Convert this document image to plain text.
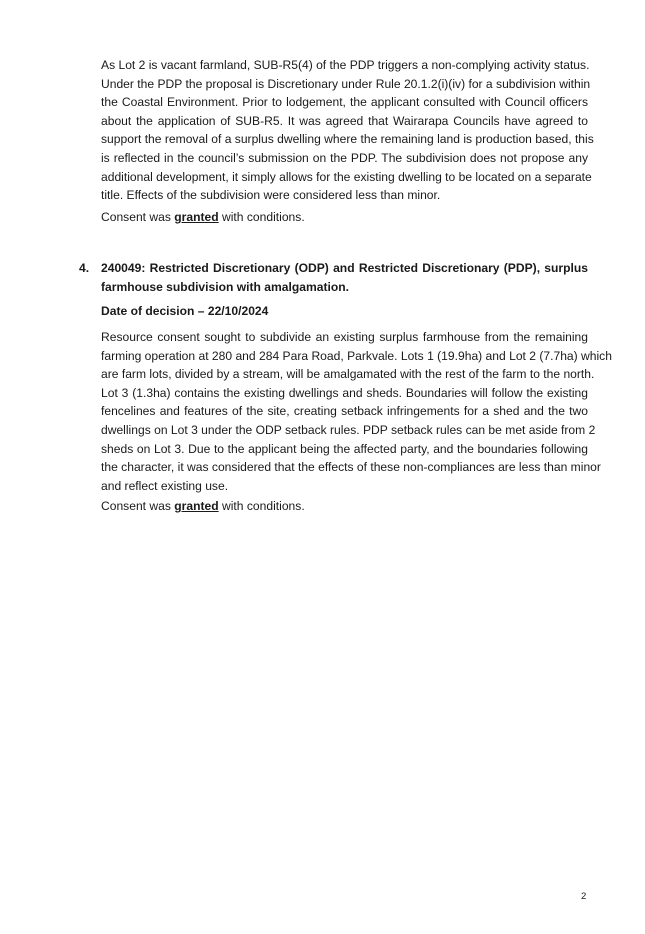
As Lot 2 is vacant farmland, SUB-R5(4) of the PDP triggers a non-complying activity status.
Under the PDP the proposal is Discretionary under Rule 20.1.2(i)(iv) for a subdivision within
the Coastal Environment. Prior to lodgement, the applicant consulted with Council officers
about the application of SUB-R5. It was agreed that Wairarapa Councils have agreed to
support the removal of a surplus dwelling where the remaining land is production based, this
is reflected in the council’s submission on the PDP. The subdivision does not propose any
additional development, it simply allows for the existing dwelling to be located on a separate
title. Effects of the subdivision were considered less than minor.

Consent was granted with conditions.

4. 240049: Restricted Discretionary (ODP) and Restricted Discretionary (PDP), surplus
farmhouse subdivision with amalgamation.
Date of decision – 22/10/2024
Resource consent sought to subdivide an existing surplus farmhouse from the remaining
farming operation at 280 and 284 Para Road, Parkvale. Lots 1 (19.9ha) and Lot 2 (7.7ha) which
are farm lots, divided by a stream, will be amalgamated with the rest of the farm to the north.
Lot 3 (1.3ha) contains the existing dwellings and sheds. Boundaries will follow the existing
fencelines and features of the site, creating setback infringements for a shed and the two
dwellings on Lot 3 under the ODP setback rules. PDP setback rules can be met aside from 2
sheds on Lot 3. Due to the applicant being the affected party, and the boundaries following
the character, it was considered that the effects of these non-compliances are less than minor
and reflect existing use.

Consent was granted with conditions.

2
